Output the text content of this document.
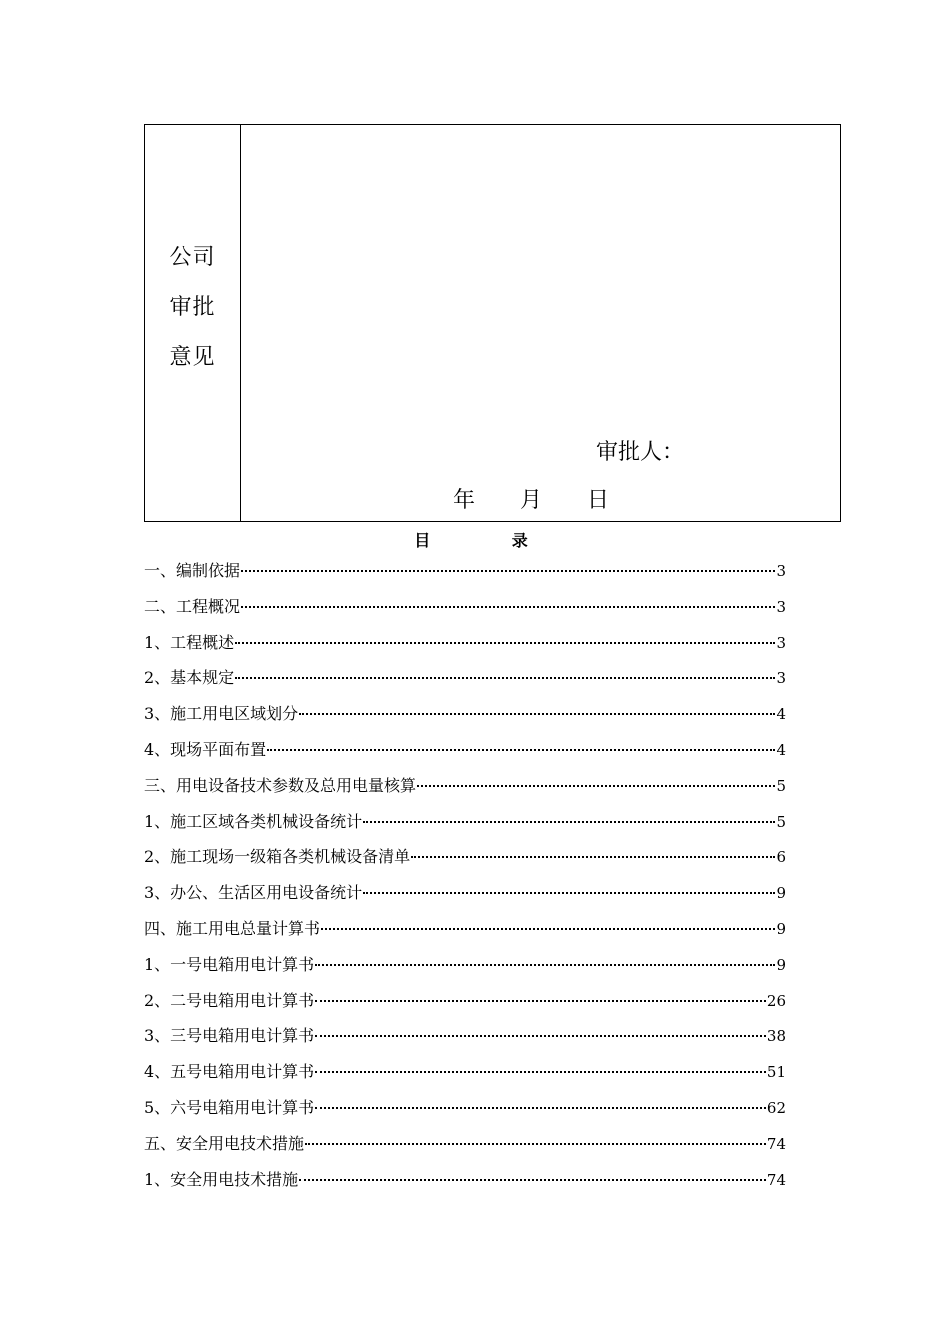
公司
审批
意见
审批人：
年 月 日
目 录
一、编制依据	3
二、工程概况	3
1、工程概述	3
2、基本规定	3
3、施工用电区域划分	4
4、现场平面布置	4
三、用电设备技术参数及总用电量核算	5
1、施工区域各类机械设备统计	5
2、施工现场一级箱各类机械设备清单	6
3、办公、生活区用电设备统计	9
四、施工用电总量计算书	9
1、一号电箱用电计算书	9
2、二号电箱用电计算书	26
3、三号电箱用电计算书	38
4、五号电箱用电计算书	51
5、六号电箱用电计算书	62
五、安全用电技术措施	74
1、安全用电技术措施	74
